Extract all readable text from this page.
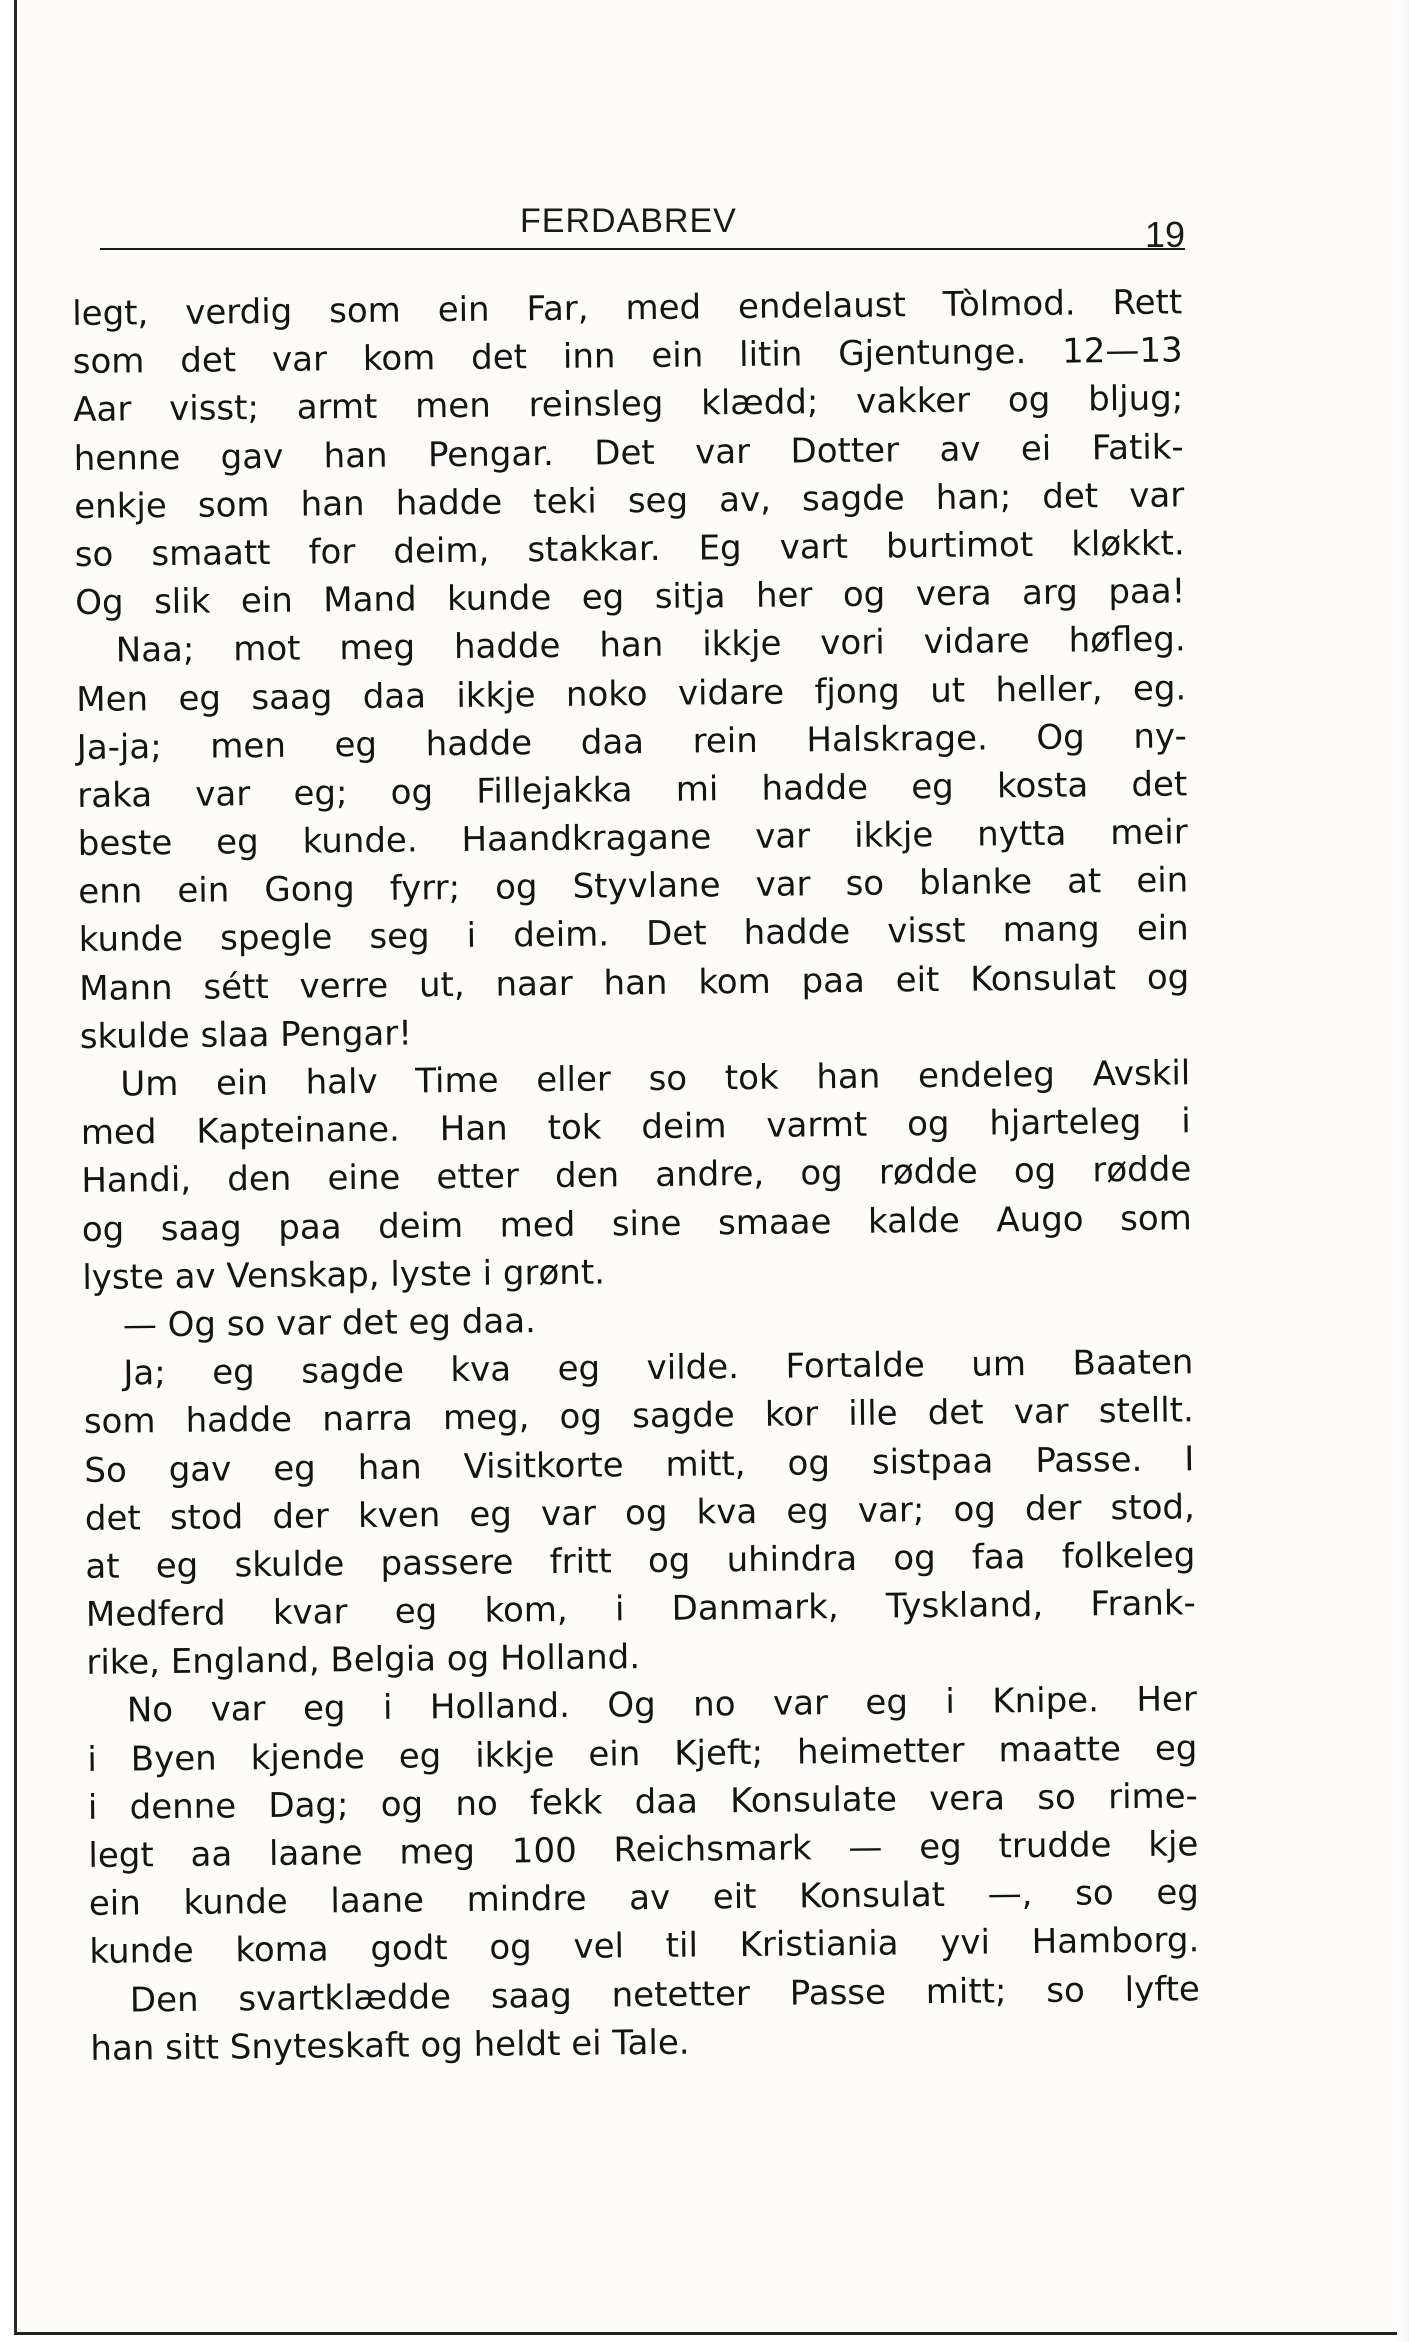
FERDABREV	19
legt, verdig som ein Far, med endelaust Tòlmod. Rett
som det var kom det inn ein litin Gjentunge. 12—13
Aar visst; armt men reinsleg klædd; vakker og bljug;
henne gav han Pengar. Det var Dotter av ei Fatik-
enkje som han hadde teki seg av, sagde han; det var
so smaatt for deim, stakkar. Eg vart burtimot kløkkt.
Og slik ein Mand kunde eg sitja her og vera arg paa!
Naa; mot meg hadde han ikkje vori vidare høfleg.
Men eg saag daa ikkje noko vidare fjong ut heller, eg.
Ja-ja; men eg hadde daa rein Halskrage. Og ny-
raka var eg; og Fillejakka mi hadde eg kosta det
beste eg kunde. Haandkragane var ikkje nytta meir
enn ein Gong fyrr; og Styvlane var so blanke at ein
kunde spegle seg i deim. Det hadde visst mang ein
Mann sétt verre ut, naar han kom paa eit Konsulat og
skulde slaa Pengar!
Um ein halv Time eller so tok han endeleg Avskil
med Kapteinane. Han tok deim varmt og hjarteleg i
Handi, den eine etter den andre, og rødde og rødde
og saag paa deim med sine smaae kalde Augo som
lyste av Venskap, lyste i grønt.
— Og so var det eg daa.
Ja; eg sagde kva eg vilde. Fortalde um Baaten
som hadde narra meg, og sagde kor ille det var stellt.
So gav eg han Visitkorte mitt, og sistpaa Passe. I
det stod der kven eg var og kva eg var; og der stod,
at eg skulde passere fritt og uhindra og faa folkeleg
Medferd kvar eg kom, i Danmark, Tyskland, Frank-
rike, England, Belgia og Holland.
No var eg i Holland. Og no var eg i Knipe. Her
i Byen kjende eg ikkje ein Kjeft; heimetter maatte eg
i denne Dag; og no fekk daa Konsulate vera so rime-
legt aa laane meg 100 Reichsmark — eg trudde kje
ein kunde laane mindre av eit Konsulat —, so eg
kunde koma godt og vel til Kristiania yvi Hamborg.
Den svartklædde saag netetter Passe mitt; so lyfte
han sitt Snyteskaft og heldt ei Tale.
